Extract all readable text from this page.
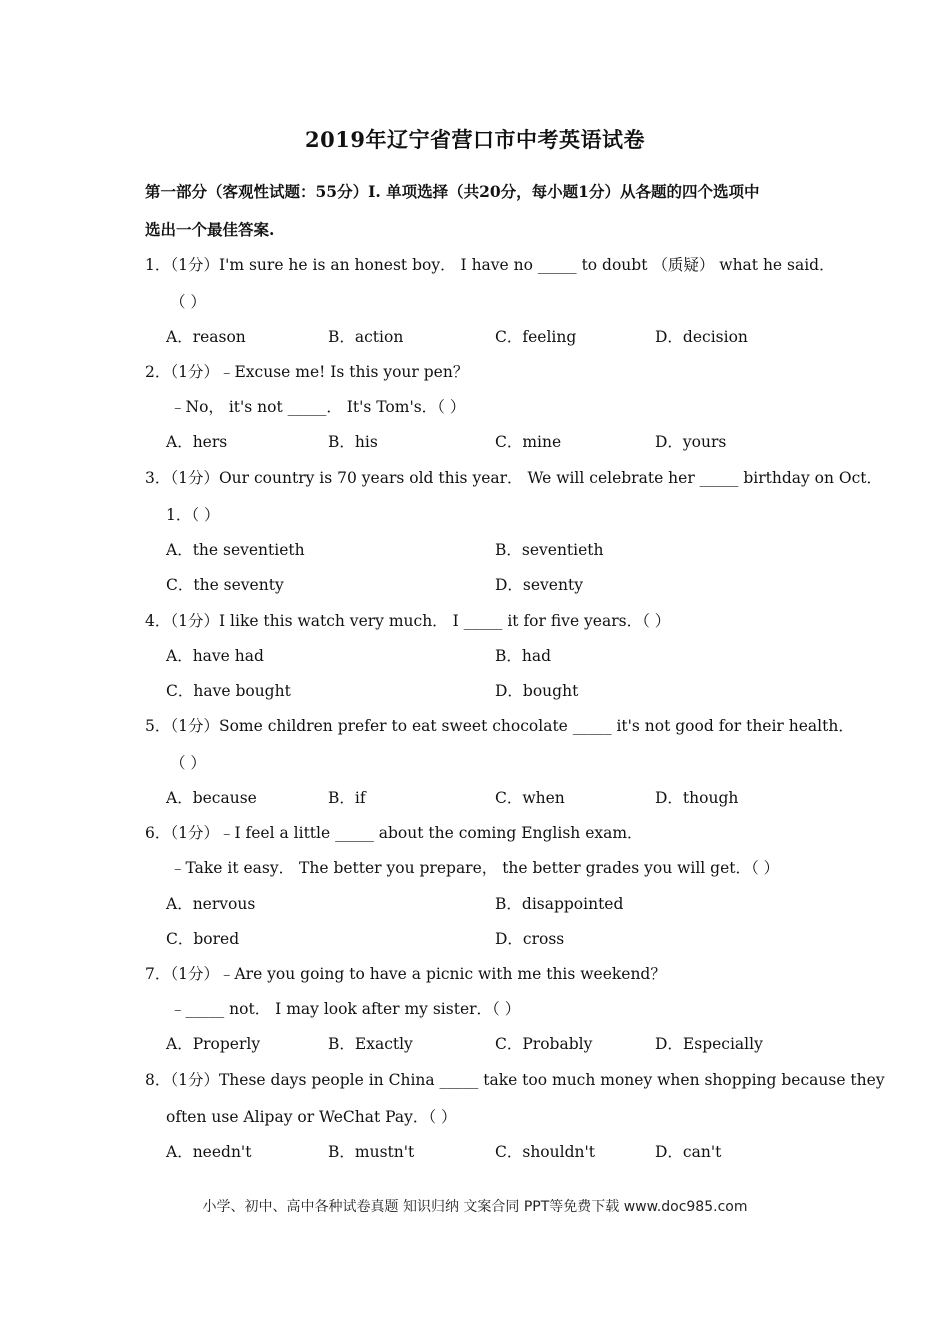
2019年辽宁省营口市中考英语试卷
第一部分（客观性试题：55分）I. 单项选择（共20分，每小题1分）从各题的四个选项中
选出一个最佳答案.
1．（1分）I'm sure he is an honest boy． I have no _____ to doubt （质疑） what he said．
（ ）
A．reason	B．action	C．feeling	D．decision
2．（1分）﹣Excuse me! Is this your pen？
﹣No， it's not _____． It's Tom's．（ ）
A．hers	B．his	C．mine	D．yours
3．（1分）Our country is 70 years old this year． We will celebrate her _____ birthday on Oct．
1．（ ）
A．the seventieth	B．seventieth
C．the seventy	D．seventy
4．（1分）I like this watch very much． I _____ it for five years．（ ）
A．have had	B．had
C．have bought	D．bought
5．（1分）Some children prefer to eat sweet chocolate _____ it's not good for their health．
（ ）
A．because	B．if	C．when	D．though
6．（1分）﹣I feel a little _____ about the coming English exam．
﹣Take it easy． The better you prepare， the better grades you will get．（ ）
A．nervous	B．disappointed
C．bored	D．cross
7．（1分）﹣Are you going to have a picnic with me this weekend？
﹣_____ not． I may look after my sister．（ ）
A．Properly	B．Exactly	C．Probably	D．Especially
8．（1分）These days people in China _____ take too much money when shopping because they
often use Alipay or WeChat Pay．（ ）
A．needn't	B．mustn't	C．shouldn't	D．can't
小学、初中、高中各种试卷真题 知识归纳 文案合同 PPT等免费下载 www.doc985.com
